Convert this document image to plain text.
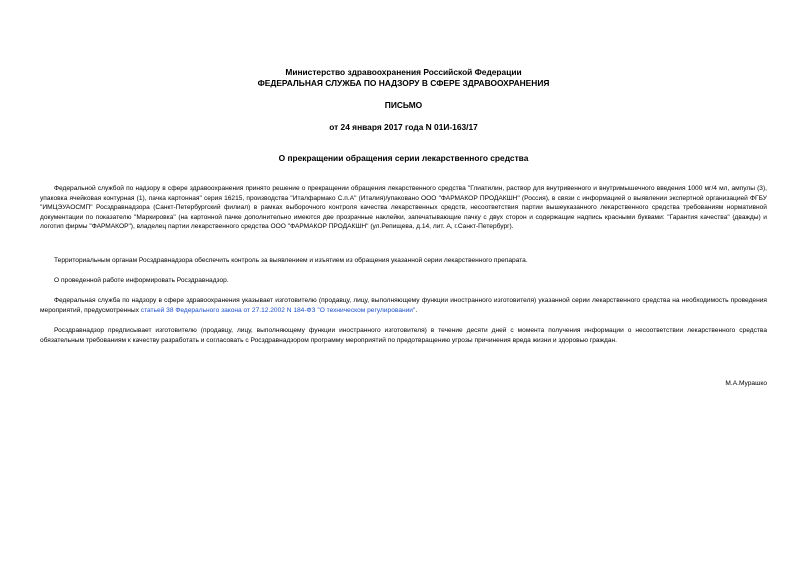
Министерство здравоохранения Российской Федерации
ФЕДЕРАЛЬНАЯ СЛУЖБА ПО НАДЗОРУ В СФЕРЕ ЗДРАВООХРАНЕНИЯ
ПИСЬМО
от 24 января 2017 года N 01И-163/17
О прекращении обращения серии лекарственного средства

Федеральной службой по надзору в сфере здравоохранения принято решение о прекращении обращения лекарственного средства "Глиатилин, раствор для внутривенного и внутримышечного введения 1000 мг/4 мл, ампулы (3), упаковка ячейковая контурная (1), пачка картонная" серия 16215, производства "Италфармако С.п.А" (Италия)/упаковано ООО "ФАРМАКОР ПРОДАКШН" (Россия), в связи с информацией о выявлении экспертной организацией ФГБУ "ИМЦЭУАОСМП" Росздравнадзора (Санкт-Петербургский филиал) в рамках выборочного контроля качества лекарственных средств, несоответствия партии вышеуказанного лекарственного средства требованиям нормативной документации по показателю "Маркировка" (на картонной пачке дополнительно имеются две прозрачные наклейки, запечатывающие пачку с двух сторон и содержащие надпись красными буквами: "Гарантия качества" (дважды) и логотип фирмы "ФАРМАКОР"), владелец партии лекарственного средства ООО "ФАРМАКОР ПРОДАКШН" (ул.Репищева, д.14, лит. А, г.Санкт-Петербург).

Территориальным органам Росздравнадзора обеспечить контроль за выявлением и изъятием из обращения указанной серии лекарственного препарата.

О проведенной работе информировать Росздравнадзор.

Федеральная служба по надзору в сфере здравоохранения указывает изготовителю (продавцу, лицу, выполняющему функции иностранного изготовителя) указанной серии лекарственного средства на необходимость проведения мероприятий, предусмотренных статьей 38 Федерального закона от 27.12.2002 N 184-ФЗ "О техническом регулировании".

Росздравнадзор предписывает изготовителю (продавцу, лицу, выполняющему функции иностранного изготовителя) в течение десяти дней с момента получения информации о несоответствии лекарственного средства обязательным требованиям к качеству разработать и согласовать с Росздравнадзором программу мероприятий по предотвращению угрозы причинения вреда жизни и здоровью граждан.

М.А.Мурашко
